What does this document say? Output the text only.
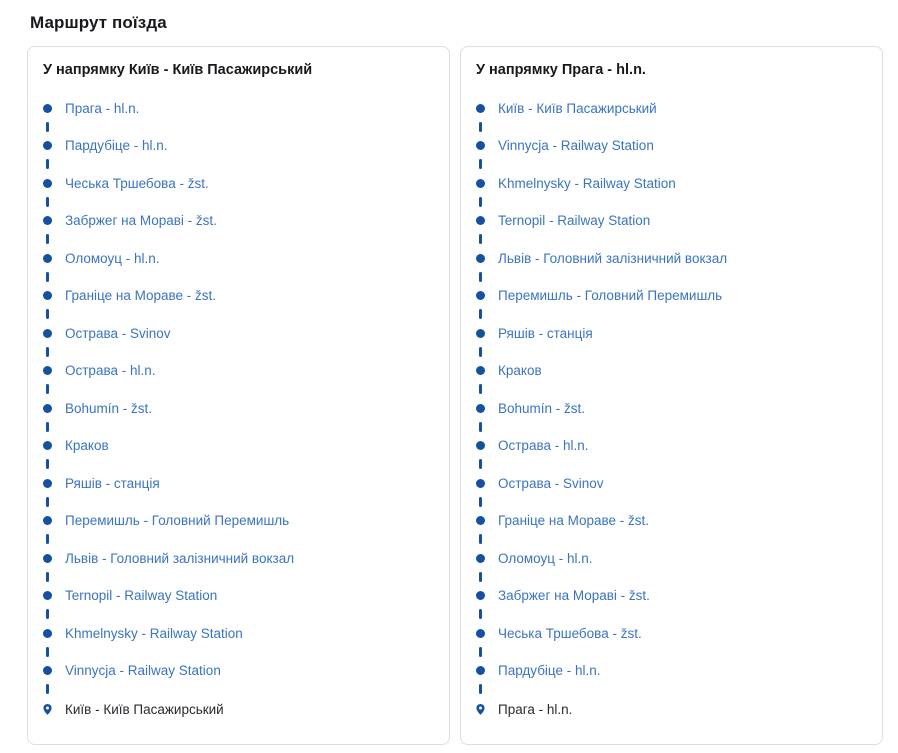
Маршрут поїзда
У напрямку Київ - Київ Пасажирський
Прага - hl.n.
Пардубіце - hl.n.
Чеська Тршебова - žst.
Забржег на Мораві - žst.
Оломоуц - hl.n.
Граніце на Мораве - žst.
Острава - Svinov
Острава - hl.n.
Bohumín - žst.
Краков
Ряшів - станція
Перемишль - Головний Перемишль
Львів - Головний залізничний вокзал
Ternopil - Railway Station
Khmelnysky - Railway Station
Vinnycja - Railway Station
Київ - Київ Пасажирський
У напрямку Прага - hl.n.
Київ - Київ Пасажирський
Vinnycja - Railway Station
Khmelnysky - Railway Station
Ternopil - Railway Station
Львів - Головний залізничний вокзал
Перемишль - Головний Перемишль
Ряшів - станція
Краков
Bohumín - žst.
Острава - hl.n.
Острава - Svinov
Граніце на Мораве - žst.
Оломоуц - hl.n.
Забржег на Мораві - žst.
Чеська Тршебова - žst.
Пардубіце - hl.n.
Прага - hl.n.
